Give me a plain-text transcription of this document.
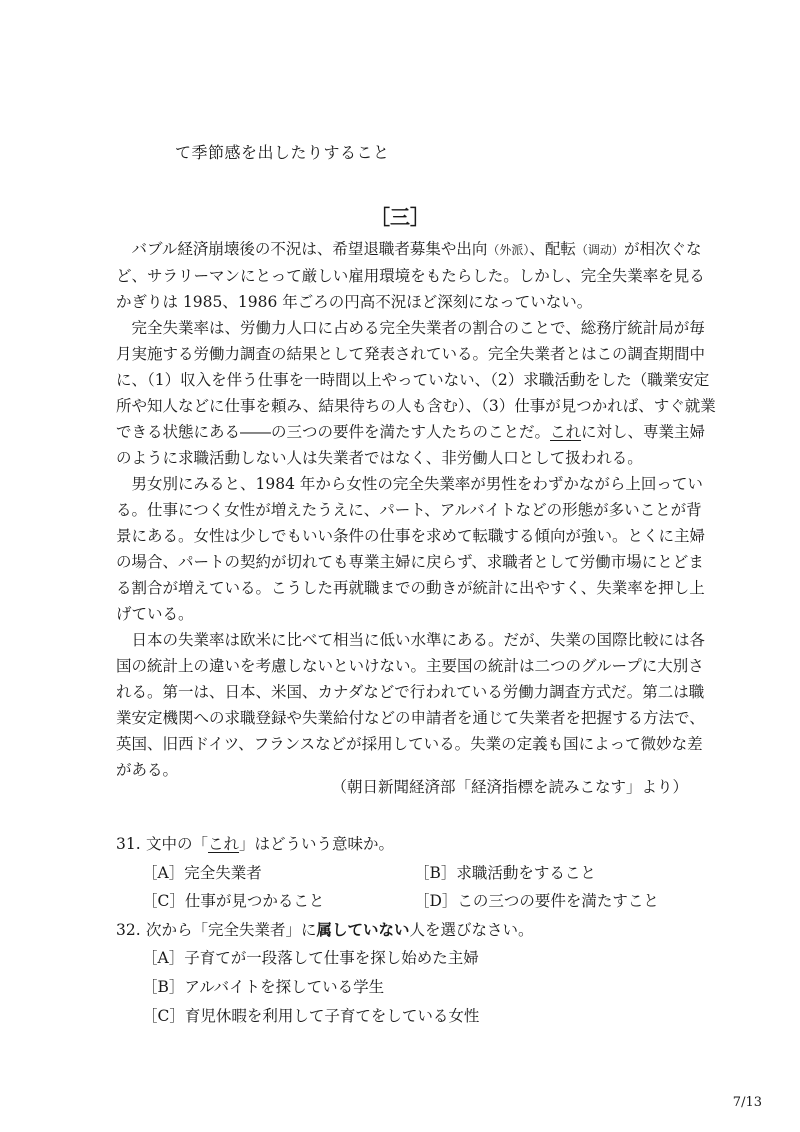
て季節感を出したりすること
［三］

バブル経済崩壊後の不況は、希望退職者募集や出向（外派）、配転（调动）が相次ぐなど、サラリーマンにとって厳しい雇用環境をもたらした。しかし、完全失業率を見るかぎりは 1985、1986 年ごろの円高不況ほど深刻になっていない。

完全失業率は、労働力人口に占める完全失業者の割合のことで、総務庁統計局が毎月実施する労働力調査の結果として発表されている。完全失業者とはこの調査期間中に、（1）収入を伴う仕事を一時間以上やっていない、（2）求職活動をした（職業安定所や知人などに仕事を頼み、結果待ちの人も含む）、（3）仕事が見つかれば、すぐ就業できる状態にある――の三つの要件を満たす人たちのことだ。これに対し、専業主婦のように求職活動しない人は失業者ではなく、非労働人口として扱われる。

男女別にみると、1984 年から女性の完全失業率が男性をわずかながら上回っている。仕事につく女性が増えたうえに、パート、アルバイトなどの形態が多いことが背景にある。女性は少しでもいい条件の仕事を求めて転職する傾向が強い。とくに主婦の場合、パートの契約が切れても専業主婦に戻らず、求職者として労働市場にとどまる割合が増えている。こうした再就職までの動きが統計に出やすく、失業率を押し上げている。

日本の失業率は欧米に比べて相当に低い水準にある。だが、失業の国際比較には各国の統計上の違いを考慮しないといけない。主要国の統計は二つのグループに大別される。第一は、日本、米国、カナダなどで行われている労働力調査方式だ。第二は職業安定機関への求職登録や失業給付などの申請者を通じて失業者を把握する方法で、英国、旧西ドイツ、フランスなどが採用している。失業の定義も国によって微妙な差がある。

（朝日新聞経済部「経済指標を読みこなす」より）
31. 文中の「これ」はどういう意味か。
［A］完全失業者	［B］求職活動をすること
［C］仕事が見つかること	［D］この三つの要件を満たすこと
32. 次から「完全失業者」に属していない人を選びなさい。
［A］子育てが一段落して仕事を探し始めた主婦
［B］アルバイトを探している学生
［C］育児休暇を利用して子育てをしている女性
7/13
